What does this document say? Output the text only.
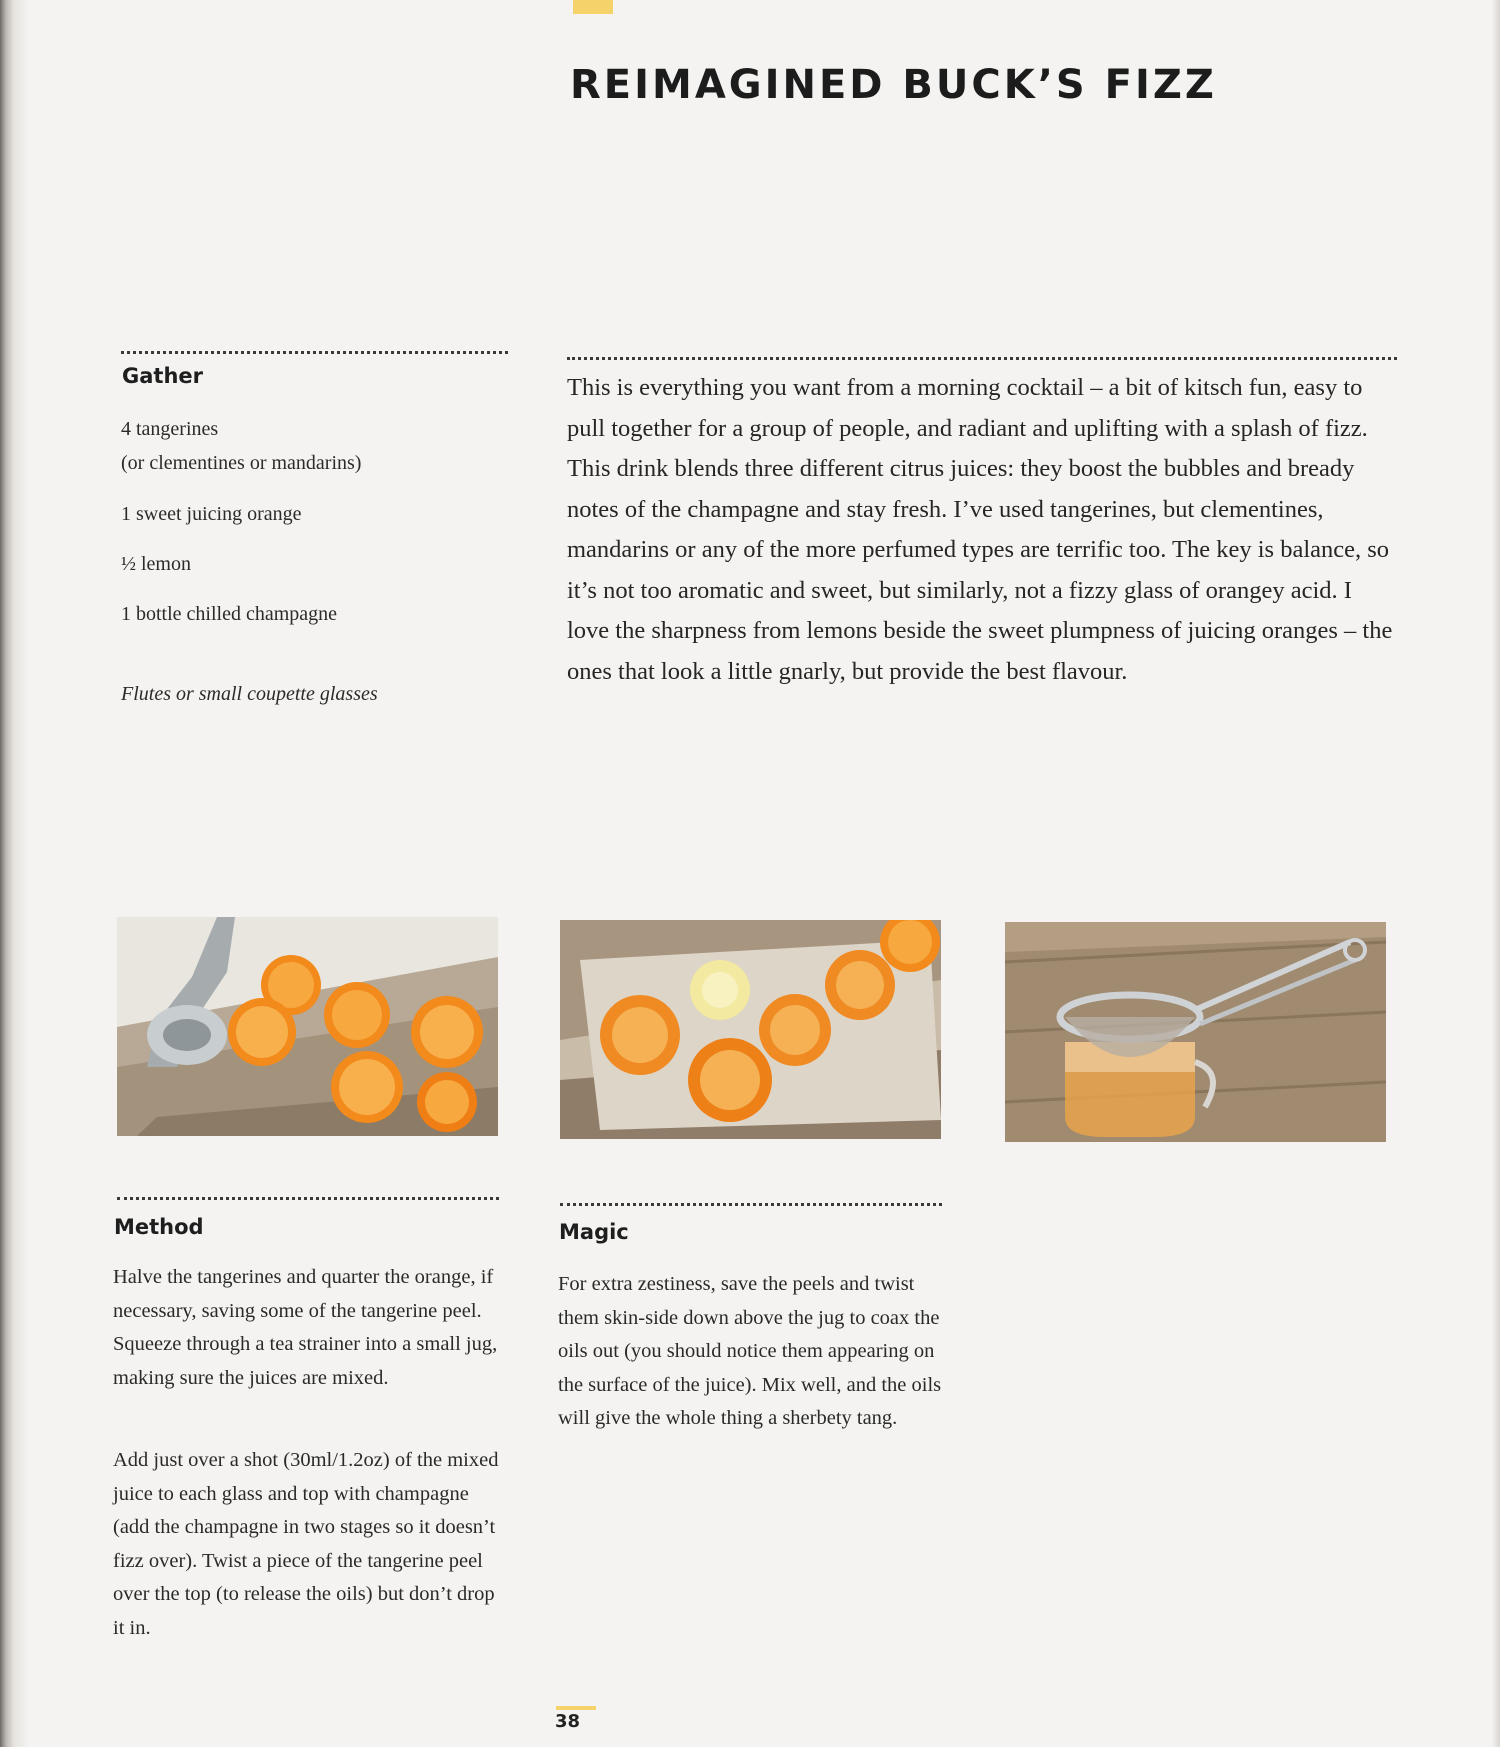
REIMAGINED BUCK’S FIZZ
Gather

4 tangerines
(or clementines or mandarins)

1 sweet juicing orange

½ lemon

1 bottle chilled champagne

Flutes or small coupette glasses

This is everything you want from a morning cocktail – a bit of kitsch fun, easy to pull together for a group of people, and radiant and uplifting with a splash of fizz. This drink blends three different citrus juices: they boost the bubbles and bready notes of the champagne and stay fresh. I’ve used tangerines, but clementines, mandarins or any of the more perfumed types are terrific too. The key is balance, so it’s not too aromatic and sweet, but similarly, not a fizzy glass of orangey acid. I love the sharpness from lemons beside the sweet plumpness of juicing oranges – the ones that look a little gnarly, but provide the best flavour.

Method

Halve the tangerines and quarter the orange, if necessary, saving some of the tangerine peel. Squeeze through a tea strainer into a small jug, making sure the juices are mixed.

Add just over a shot (30ml/1.2oz) of the mixed juice to each glass and top with champagne (add the champagne in two stages so it doesn’t fizz over). Twist a piece of the tangerine peel over the top (to release the oils) but don’t drop it in.

Magic

For extra zestiness, save the peels and twist them skin-side down above the jug to coax the oils out (you should notice them appearing on the surface of the juice). Mix well, and the oils will give the whole thing a sherbety tang.

38
